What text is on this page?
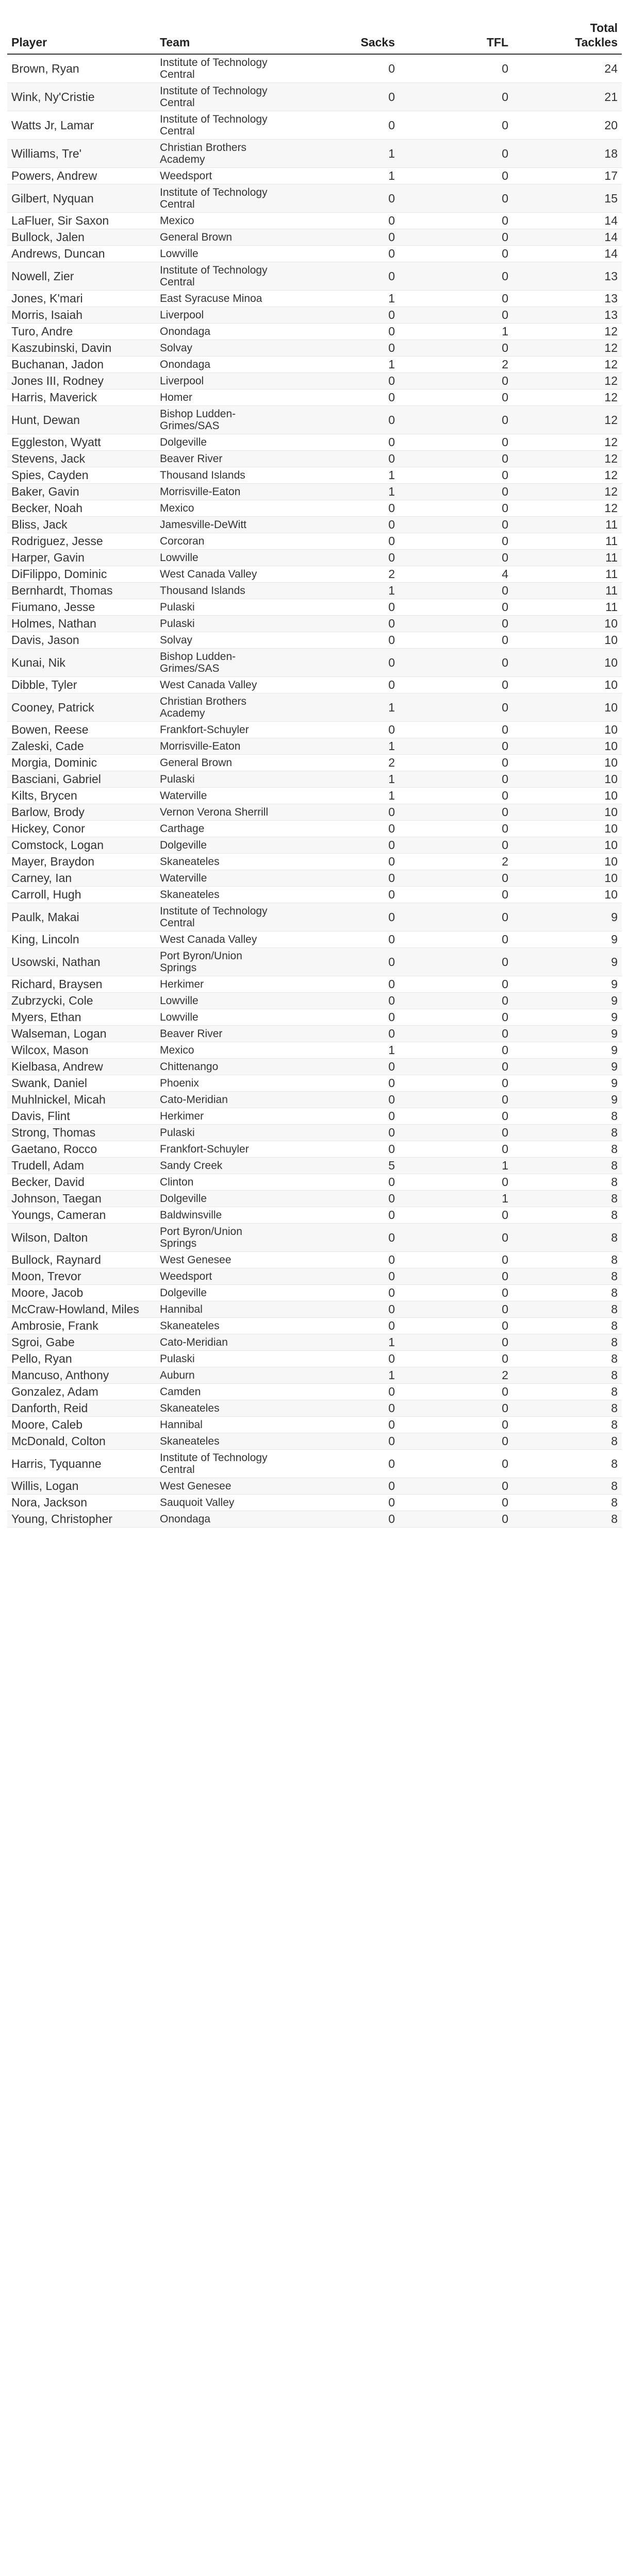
Player	Team	Sacks	TFL	Total
Tackles
Brown, Ryan	Institute of Technology Central	0	0	24
Wink, Ny'Cristie	Institute of Technology Central	0	0	21
Watts Jr, Lamar	Institute of Technology Central	0	0	20
Williams, Tre'	Christian Brothers Academy	1	0	18
Powers, Andrew	Weedsport	1	0	17
Gilbert, Nyquan	Institute of Technology Central	0	0	15
LaFluer, Sir Saxon	Mexico	0	0	14
Bullock, Jalen	General Brown	0	0	14
Andrews, Duncan	Lowville	0	0	14
Nowell, Zier	Institute of Technology Central	0	0	13
Jones, K'mari	East Syracuse Minoa	1	0	13
Morris, Isaiah	Liverpool	0	0	13
Turo, Andre	Onondaga	0	1	12
Kaszubinski, Davin	Solvay	0	0	12
Buchanan, Jadon	Onondaga	1	2	12
Jones III, Rodney	Liverpool	0	0	12
Harris, Maverick	Homer	0	0	12
Hunt, Dewan	Bishop Ludden-Grimes/SAS	0	0	12
Eggleston, Wyatt	Dolgeville	0	0	12
Stevens, Jack	Beaver River	0	0	12
Spies, Cayden	Thousand Islands	1	0	12
Baker, Gavin	Morrisville-Eaton	1	0	12
Becker, Noah	Mexico	0	0	12
Bliss, Jack	Jamesville-DeWitt	0	0	11
Rodriguez, Jesse	Corcoran	0	0	11
Harper, Gavin	Lowville	0	0	11
DiFilippo, Dominic	West Canada Valley	2	4	11
Bernhardt, Thomas	Thousand Islands	1	0	11
Fiumano, Jesse	Pulaski	0	0	11
Holmes, Nathan	Pulaski	0	0	10
Davis, Jason	Solvay	0	0	10
Kunai, Nik	Bishop Ludden-Grimes/SAS	0	0	10
Dibble, Tyler	West Canada Valley	0	0	10
Cooney, Patrick	Christian Brothers Academy	1	0	10
Bowen, Reese	Frankfort-Schuyler	0	0	10
Zaleski, Cade	Morrisville-Eaton	1	0	10
Morgia, Dominic	General Brown	2	0	10
Basciani, Gabriel	Pulaski	1	0	10
Kilts, Brycen	Waterville	1	0	10
Barlow, Brody	Vernon Verona Sherrill	0	0	10
Hickey, Conor	Carthage	0	0	10
Comstock, Logan	Dolgeville	0	0	10
Mayer, Braydon	Skaneateles	0	2	10
Carney, Ian	Waterville	0	0	10
Carroll, Hugh	Skaneateles	0	0	10
Paulk, Makai	Institute of Technology Central	0	0	9
King, Lincoln	West Canada Valley	0	0	9
Usowski, Nathan	Port Byron/Union Springs	0	0	9
Richard, Braysen	Herkimer	0	0	9
Zubrzycki, Cole	Lowville	0	0	9
Myers, Ethan	Lowville	0	0	9
Walseman, Logan	Beaver River	0	0	9
Wilcox, Mason	Mexico	1	0	9
Kielbasa, Andrew	Chittenango	0	0	9
Swank, Daniel	Phoenix	0	0	9
Muhlnickel, Micah	Cato-Meridian	0	0	9
Davis, Flint	Herkimer	0	0	8
Strong, Thomas	Pulaski	0	0	8
Gaetano, Rocco	Frankfort-Schuyler	0	0	8
Trudell, Adam	Sandy Creek	5	1	8
Becker, David	Clinton	0	0	8
Johnson, Taegan	Dolgeville	0	1	8
Youngs, Cameran	Baldwinsville	0	0	8
Wilson, Dalton	Port Byron/Union Springs	0	0	8
Bullock, Raynard	West Genesee	0	0	8
Moon, Trevor	Weedsport	0	0	8
Moore, Jacob	Dolgeville	0	0	8
McCraw-Howland, Miles	Hannibal	0	0	8
Ambrosie, Frank	Skaneateles	0	0	8
Sgroi, Gabe	Cato-Meridian	1	0	8
Pello, Ryan	Pulaski	0	0	8
Mancuso, Anthony	Auburn	1	2	8
Gonzalez, Adam	Camden	0	0	8
Danforth, Reid	Skaneateles	0	0	8
Moore, Caleb	Hannibal	0	0	8
McDonald, Colton	Skaneateles	0	0	8
Harris, Tyquanne	Institute of Technology Central	0	0	8
Willis, Logan	West Genesee	0	0	8
Nora, Jackson	Sauquoit Valley	0	0	8
Young, Christopher	Onondaga	0	0	8
